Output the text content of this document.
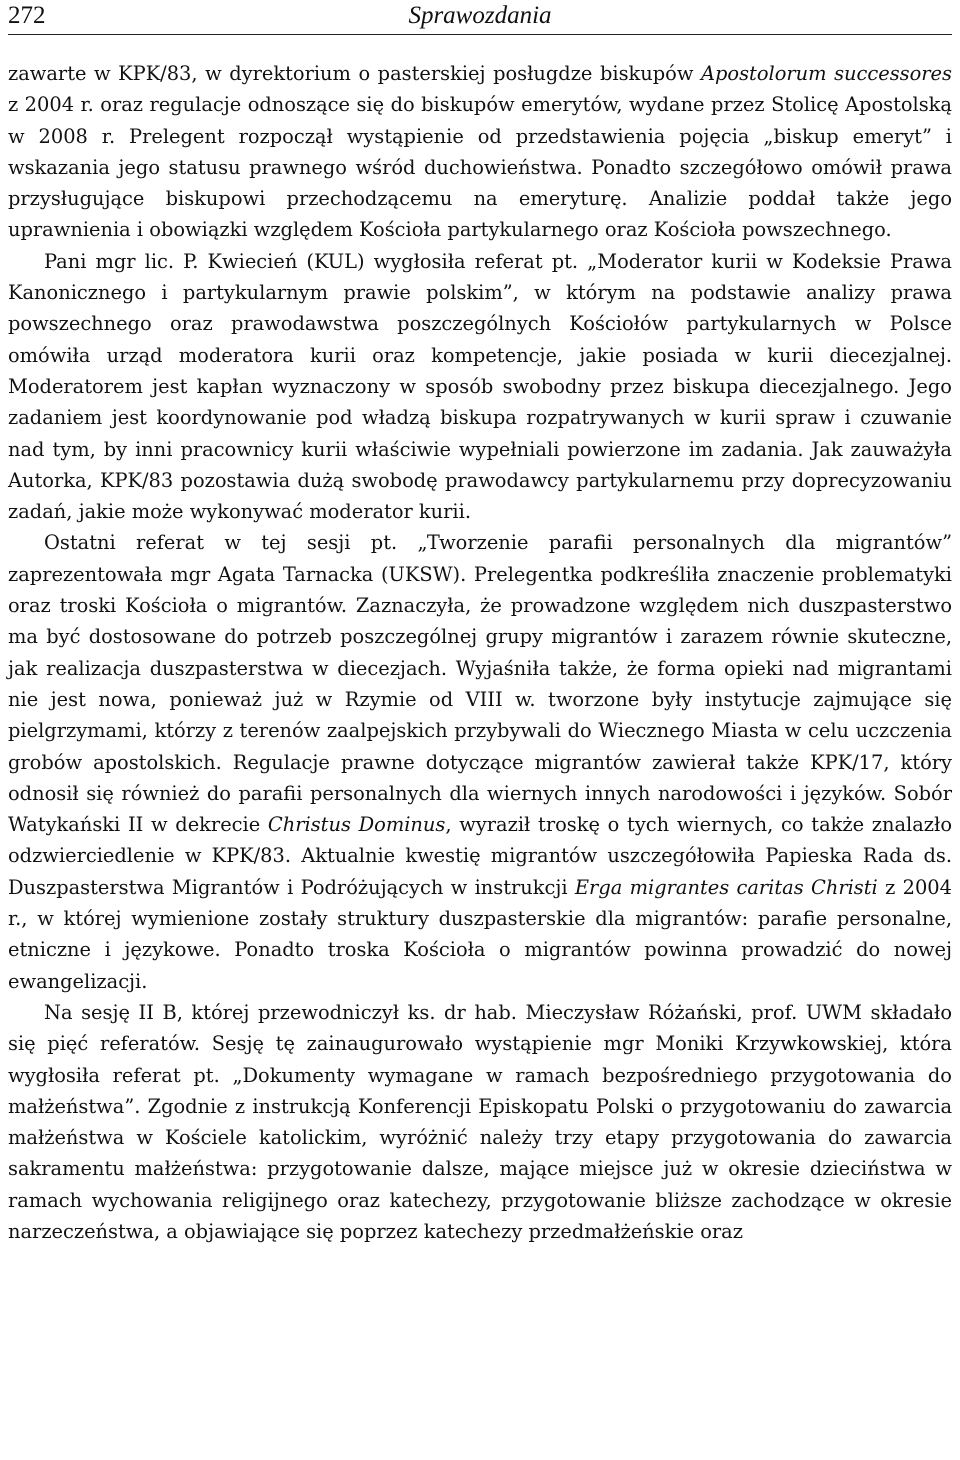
272	Sprawozdania

zawarte w KPK/83, w dyrektorium o pasterskiej posługdze biskupów Apostolorum successores z 2004 r. oraz regulacje odnoszące się do biskupów emerytów, wydane przez Stolicę Apostolską w 2008 r. Prelegent rozpoczął wystąpienie od przedstawienia pojęcia „biskup emeryt” i wskazania jego statusu prawnego wśród duchowieństwa. Ponadto szczegółowo omówił prawa przysługujące biskupowi przechodzącemu na emeryturę. Analizie poddał także jego uprawnienia i obowiązki względem Kościoła partykularnego oraz Kościoła powszechnego.

Pani mgr lic. P. Kwiecień (KUL) wygłosiła referat pt. „Moderator kurii w Kodeksie Prawa Kanonicznego i partykularnym prawie polskim”, w którym na podstawie analizy prawa powszechnego oraz prawodawstwa poszczególnych Kościołów partykularnych w Polsce omówiła urząd moderatora kurii oraz kompetencje, jakie posiada w kurii diecezjalnej. Moderatorem jest kapłan wyznaczony w sposób swobodny przez biskupa diecezjalnego. Jego zadaniem jest koordynowanie pod władzą biskupa rozpatrywanych w kurii spraw i czuwanie nad tym, by inni pracownicy kurii właściwie wypełniali powierzone im zadania. Jak zauważyła Autorka, KPK/83 pozostawia dużą swobodę prawodawcy partykularnemu przy doprecyzowaniu zadań, jakie może wykonywać moderator kurii.

Ostatni referat w tej sesji pt. „Tworzenie parafii personalnych dla migrantów” zaprezentowała mgr Agata Tarnacka (UKSW). Prelegentka podkreśliła znaczenie problematyki oraz troski Kościoła o migrantów. Zaznaczyła, że prowadzone względem nich duszpasterstwo ma być dostosowane do potrzeb poszczególnej grupy migrantów i zarazem równie skuteczne, jak realizacja duszpasterstwa w diecezjach. Wyjaśniła także, że forma opieki nad migrantami nie jest nowa, ponieważ już w Rzymie od VIII w. tworzone były instytucje zajmujące się pielgrzymami, którzy z terenów zaalpejskich przybywali do Wiecznego Miasta w celu uczczenia grobów apostolskich. Regulacje prawne dotyczące migrantów zawierał także KPK/17, który odnosił się również do parafii personalnych dla wiernych innych narodowości i języków. Sobór Watykański II w dekrecie Christus Dominus, wyraził troskę o tych wiernych, co także znalazło odzwierciedlenie w KPK/83. Aktualnie kwestię migrantów uszczegółowiła Papieska Rada ds. Duszpasterstwa Migrantów i Podróżujących w instrukcji Erga migrantes caritas Christi z 2004 r., w której wymienione zostały struktury duszpasterskie dla migrantów: parafie personalne, etniczne i językowe. Ponadto troska Kościoła o migrantów powinna prowadzić do nowej ewangelizacji.

Na sesję II B, której przewodniczył ks. dr hab. Mieczysław Różański, prof. UWM składało się pięć referatów. Sesję tę zainaugurowało wystąpienie mgr Moniki Krzywkowskiej, która wygłosiła referat pt. „Dokumenty wymagane w ramach bezpośredniego przygotowania do małżeństwa”. Zgodnie z instrukcją Konferencji Episkopatu Polski o przygotowaniu do zawarcia małżeństwa w Kościele katolickim, wyróżnić należy trzy etapy przygotowania do zawarcia sakramentu małżeństwa: przygotowanie dalsze, mające miejsce już w okresie dzieciństwa w ramach wychowania religijnego oraz katechezy, przygotowanie bliższe zachodzące w okresie narzeczeństwa, a objawiające się poprzez katechezy przedmałżeńskie oraz
